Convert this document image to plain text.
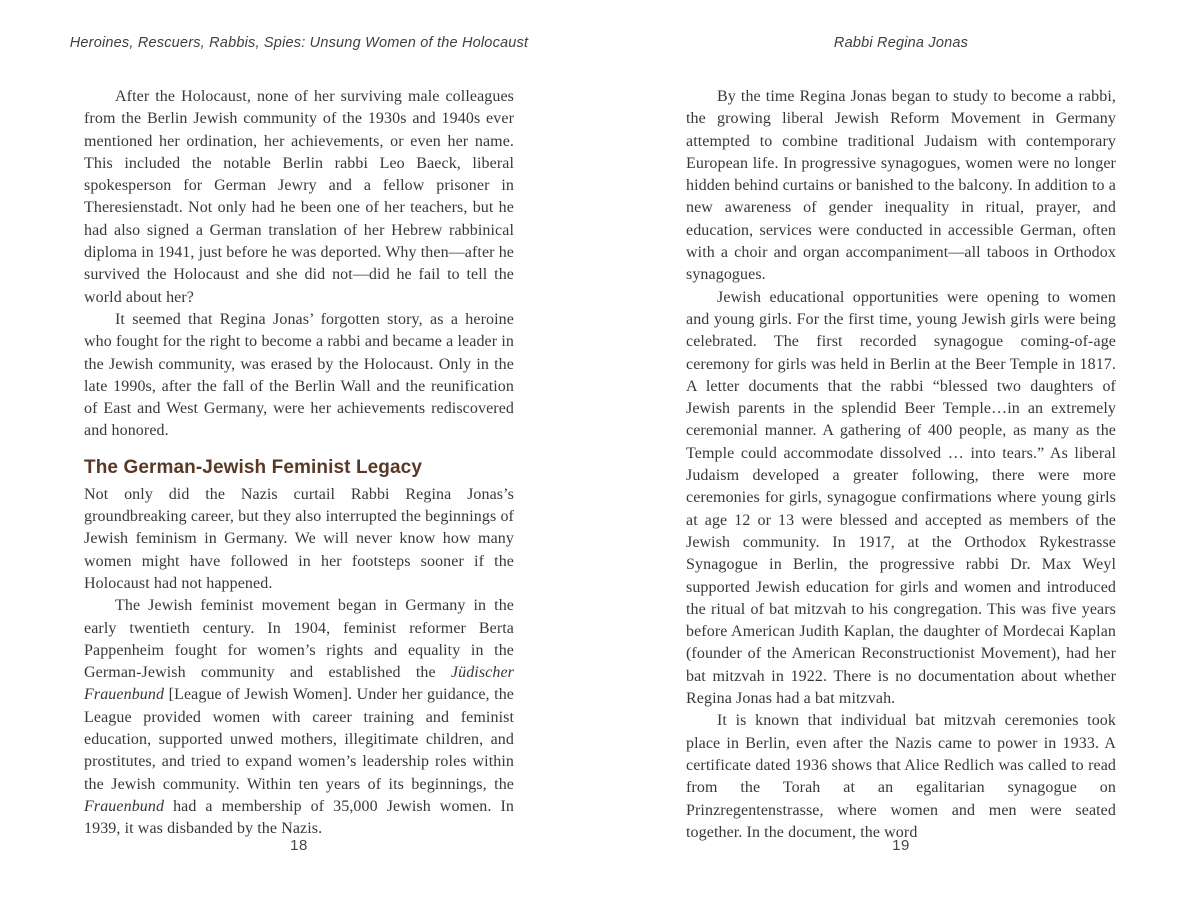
Heroines, Rescuers, Rabbis, Spies: Unsung Women of the Holocaust

After the Holocaust, none of her surviving male colleagues from the Berlin Jewish community of the 1930s and 1940s ever mentioned her ordination, her achievements, or even her name. This included the notable Berlin rabbi Leo Baeck, liberal spokesperson for German Jewry and a fellow prisoner in Theresienstadt. Not only had he been one of her teachers, but he had also signed a German translation of her Hebrew rabbinical diploma in 1941, just before he was deported. Why then—after he survived the Holocaust and she did not—did he fail to tell the world about her?

It seemed that Regina Jonas’ forgotten story, as a heroine who fought for the right to become a rabbi and became a leader in the Jewish community, was erased by the Holocaust. Only in the late 1990s, after the fall of the Berlin Wall and the reunification of East and West Germany, were her achievements rediscovered and honored.

The German-Jewish Feminist Legacy

Not only did the Nazis curtail Rabbi Regina Jonas’s groundbreaking career, but they also interrupted the beginnings of Jewish feminism in Germany. We will never know how many women might have followed in her footsteps sooner if the Holocaust had not happened.

The Jewish feminist movement began in Germany in the early twentieth century. In 1904, feminist reformer Berta Pappenheim fought for women’s rights and equality in the German-Jewish community and established the Jüdischer Frauenbund [League of Jewish Women]. Under her guidance, the League provided women with career training and feminist education, supported unwed mothers, illegitimate children, and prostitutes, and tried to expand women’s leadership roles within the Jewish community. Within ten years of its beginnings, the Frauenbund had a membership of 35,000 Jewish women. In 1939, it was disbanded by the Nazis.

18
Rabbi Regina Jonas

By the time Regina Jonas began to study to become a rabbi, the growing liberal Jewish Reform Movement in Germany attempted to combine traditional Judaism with contemporary European life. In progressive synagogues, women were no longer hidden behind curtains or banished to the balcony. In addition to a new awareness of gender inequality in ritual, prayer, and education, services were conducted in accessible German, often with a choir and organ accompaniment—all taboos in Orthodox synagogues.

Jewish educational opportunities were opening to women and young girls. For the first time, young Jewish girls were being celebrated. The first recorded synagogue coming-of-age ceremony for girls was held in Berlin at the Beer Temple in 1817. A letter documents that the rabbi “blessed two daughters of Jewish parents in the splendid Beer Temple…in an extremely ceremonial manner. A gathering of 400 people, as many as the Temple could accommodate dissolved … into tears.” As liberal Judaism developed a greater following, there were more ceremonies for girls, synagogue confirmations where young girls at age 12 or 13 were blessed and accepted as members of the Jewish community. In 1917, at the Orthodox Rykestrasse Synagogue in Berlin, the progressive rabbi Dr. Max Weyl supported Jewish education for girls and women and introduced the ritual of bat mitzvah to his congregation. This was five years before American Judith Kaplan, the daughter of Mordecai Kaplan (founder of the American Reconstructionist Movement), had her bat mitzvah in 1922. There is no documentation about whether Regina Jonas had a bat mitzvah.

It is known that individual bat mitzvah ceremonies took place in Berlin, even after the Nazis came to power in 1933. A certificate dated 1936 shows that Alice Redlich was called to read from the Torah at an egalitarian synagogue on Prinzregentenstrasse, where women and men were seated together. In the document, the word

19
